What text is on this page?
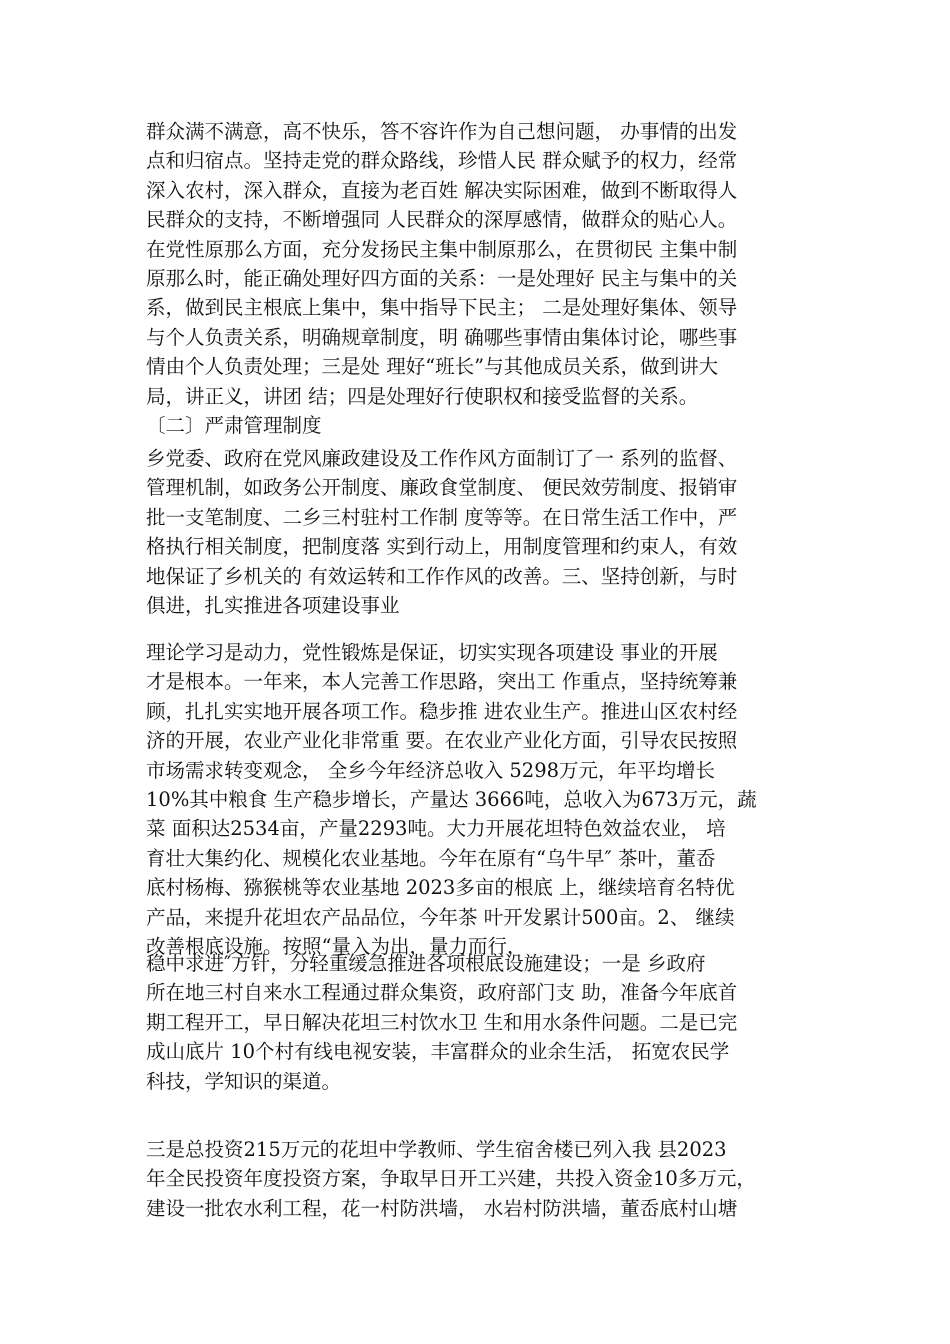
群众满不满意，高不快乐，答不容许作为自己想问题， 办事情的出发
点和归宿点。坚持走党的群众路线，珍惜人民 群众赋予的权力，经常
深入农村，深入群众，直接为老百姓 解决实际困难，做到不断取得人
民群众的支持，不断增强同 人民群众的深厚感情，做群众的贴心人。
在党性原那么方面，充分发扬民主集中制原那么，在贯彻民 主集中制
原那么时，能正确处理好四方面的关系：一是处理好 民主与集中的关
系，做到民主根底上集中，集中指导下民主； 二是处理好集体、领导
与个人负责关系，明确规章制度，明 确哪些事情由集体讨论，哪些事
情由个人负责处理；三是处 理好“班长”与其他成员关系，做到讲大
局，讲正义，讲团 结；四是处理好行使职权和接受监督的关系。
〔二〕严肃管理制度
乡党委、政府在党风廉政建设及工作作风方面制订了一 系列的监督、
管理机制，如政务公开制度、廉政食堂制度、 便民效劳制度、报销审
批一支笔制度、二乡三村驻村工作制 度等等。在日常生活工作中，严
格执行相关制度，把制度落 实到行动上，用制度管理和约束人，有效
地保证了乡机关的 有效运转和工作作风的改善。三、坚持创新，与时
俱进，扎实推进各项建设事业
理论学习是动力，党性锻炼是保证，切实实现各项建设 事业的开展
才是根本。一年来，本人完善工作思路，突出工 作重点，坚持统筹兼
顾，扎扎实实地开展各项工作。稳步推 进农业生产。推进山区农村经
济的开展，农业产业化非常重 要。在农业产业化方面，引导农民按照
市场需求转变观念， 全乡今年经济总收入 5298万元，年平均增长
10%其中粮食 生产稳步增长，产量达 3666吨，总收入为673万元，蔬
菜 面积达2534亩，产量2293吨。大力开展花坦特色效益农业， 培
育壮大集约化、规模化农业基地。今年在原有“乌牛早″ 茶叶，董岙
底村杨梅、猕猴桃等农业基地 2023多亩的根底 上，继续培育名特优
产品，来提升花坦农产品品位，今年茶 叶开发累计500亩。2、 继续
改善根底设施。按照“量入为出，量力而行，
稳中求进″方针，分轻重缓急推进各项根底设施建设；一是 乡政府
所在地三村自来水工程通过群众集资，政府部门支 助，准备今年底首
期工程开工，早日解决花坦三村饮水卫 生和用水条件问题。二是已完
成山底片 10个村有线电视安装，丰富群众的业余生活， 拓宽农民学
科技，学知识的渠道。
三是总投资215万元的花坦中学教师、学生宿舍楼已列入我 县2023
年全民投资年度投资方案，争取早日开工兴建，共投入资金10多万元，
建设一批农水利工程，花一村防洪墙， 水岩村防洪墙，董岙底村山塘
